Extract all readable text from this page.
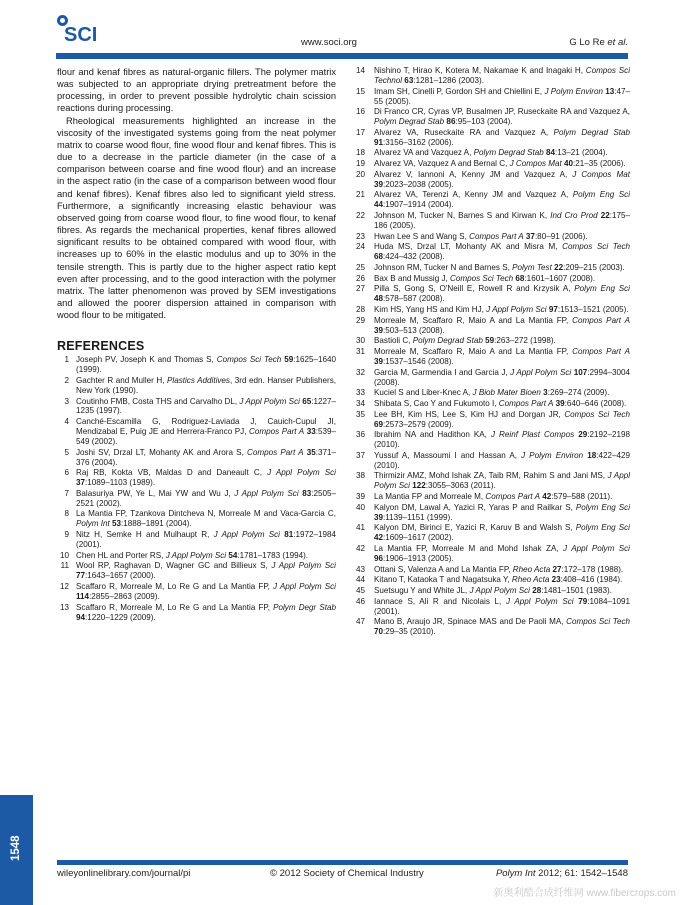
SCI	www.soci.org	G Lo Re et al.

flour and kenaf fibres as natural-organic fillers. The polymer matrix was subjected to an appropriate drying pretreatment before the processing, in order to prevent possible hydrolytic chain scission reactions during processing.

Rheological measurements highlighted an increase in the viscosity of the investigated systems going from the neat polymer matrix to coarse wood flour, fine wood flour and kenaf fibres. This is due to a decrease in the particle diameter (in the case of a comparison between coarse and fine wood flour) and an increase in the aspect ratio (in the case of a comparison between wood flour and kenaf fibres). Kenaf fibres also led to significant yield stress. Furthermore, a significantly increasing elastic behaviour was observed going from coarse wood flour, to fine wood flour, to kenaf fibres. As regards the mechanical properties, kenaf fibres allowed significant results to be obtained compared with wood flour, with increases up to 60% in the elastic modulus and up to 30% in the tensile strength. This is partly due to the higher aspect ratio kept even after processing, and to the good interaction with the polymer matrix. The latter phenomenon was proved by SEM investigations and allowed the poorer dispersion attained in comparison with wood flour to be mitigated.

REFERENCES
1 Joseph PV, Joseph K and Thomas S, Compos Sci Tech 59:1625–1640 (1999).
2 Gachter R and Muller H, Plastics Additives, 3rd edn. Hanser Publishers, New York (1990).
3 Coutinho FMB, Costa THS and Carvalho DL, J Appl Polym Sci 65:1227–1235 (1997).
4 Canché-Escamilla G, Rodriguez-Laviada J, Cauich-Cupul JI, Mendizabal E, Puig JE and Herrera-Franco PJ, Compos Part A 33:539–549 (2002).
5 Joshi SV, Drzal LT, Mohanty AK and Arora S, Compos Part A 35:371–376 (2004).
6 Raj RB, Kokta VB, Maldas D and Daneault C, J Appl Polym Sci 37:1089–1103 (1989).
7 Balasuriya PW, Ye L, Mai YW and Wu J, J Appl Polym Sci 83:2505–2521 (2002).
8 La Mantia FP, Tzankova Dintcheva N, Morreale M and Vaca-Garcia C, Polym Int 53:1888–1891 (2004).
9 Nitz H, Semke H and Mulhaupt R, J Appl Polym Sci 81:1972–1984 (2001).
10 Chen HL and Porter RS, J Appl Polym Sci 54:1781–1783 (1994).
11 Wool RP, Raghavan D, Wagner GC and Billieux S, J Appl Polym Sci 77:1643–1657 (2000).
12 Scaffaro R, Morreale M, Lo Re G and La Mantia FP, J Appl Polym Sci 114:2855–2863 (2009).
13 Scaffaro R, Morreale M, Lo Re G and La Mantia FP, Polym Degr Stab 94:1220–1229 (2009).
14 Nishino T, Hirao K, Kotera M, Nakamae K and Inagaki H, Compos Sci Technol 63:1281–1286 (2003).
15 Imam SH, Cinelli P, Gordon SH and Chiellini E, J Polym Environ 13:47–55 (2005).
16 Di Franco CR, Cyras VP, Busalmen JP, Ruseckaite RA and Vazquez A, Polym Degrad Stab 86:95–103 (2004).
17 Alvarez VA, Ruseckaite RA and Vazquez A, Polym Degrad Stab 91:3156–3162 (2006).
18 Alvarez VA and Vazquez A, Polym Degrad Stab 84:13–21 (2004).
19 Alvarez VA, Vazquez A and Bernal C, J Compos Mat 40:21–35 (2006).
20 Alvarez V, Iannoni A, Kenny JM and Vazquez A, J Compos Mat 39:2023–2038 (2005).
21 Alvarez VA, Terenzi A, Kenny JM and Vazquez A, Polym Eng Sci 44:1907–1914 (2004).
22 Johnson M, Tucker N, Barnes S and Kirwan K, Ind Cro Prod 22:175–186 (2005).
23 Hwan Lee S and Wang S, Compos Part A 37:80–91 (2006).
24 Huda MS, Drzal LT, Mohanty AK and Misra M, Compos Sci Tech 68:424–432 (2008).
25 Johnson RM, Tucker N and Barnes S, Polym Test 22:209–215 (2003).
26 Bax B and Mussig J, Compos Sci Tech 68:1601–1607 (2008).
27 Pilla S, Gong S, O'Neill E, Rowell R and Krzysik A, Polym Eng Sci 48:578–587 (2008).
28 Kim HS, Yang HS and Kim HJ, J Appl Polym Sci 97:1513–1521 (2005).
29 Morreale M, Scaffaro R, Maio A and La Mantia FP, Compos Part A 39:503–513 (2008).
30 Bastioli C, Polym Degrad Stab 59:263–272 (1998).
31 Morreale M, Scaffaro R, Maio A and La Mantia FP, Compos Part A 39:1537–1546 (2008).
32 Garcia M, Garmendia I and Garcia J, J Appl Polym Sci 107:2994–3004 (2008).
33 Kuciel S and Liber-Knec A, J Biob Mater Bioen 3:269–274 (2009).
34 Shibata S, Cao Y and Fukumoto I, Compos Part A 39:640–646 (2008).
35 Lee BH, Kim HS, Lee S, Kim HJ and Dorgan JR, Compos Sci Tech 69:2573–2579 (2009).
36 Ibrahim NA and Hadithon KA, J Reinf Plast Compos 29:2192–2198 (2010).
37 Yussuf A, Massoumi I and Hassan A, J Polym Environ 18:422–429 (2010).
38 Thirmizir AMZ, Mohd Ishak ZA, Taib RM, Rahim S and Jani MS, J Appl Polym Sci 122:3055–3063 (2011).
39 La Mantia FP and Morreale M, Compos Part A 42:579–588 (2011).
40 Kalyon DM, Lawal A, Yazici R, Yaras P and Railkar S, Polym Eng Sci 39:1139–1151 (1999).
41 Kalyon DM, Birinci E, Yazici R, Karuv B and Walsh S, Polym Eng Sci 42:1609–1617 (2002).
42 La Mantia FP, Morreale M and Mohd Ishak ZA, J Appl Polym Sci 96:1906–1913 (2005).
43 Ottani S, Valenza A and La Mantia FP, Rheo Acta 27:172–178 (1988).
44 Kitano T, Kataoka T and Nagatsuka Y, Rheo Acta 23:408–416 (1984).
45 Suetsugu Y and White JL, J Appl Polym Sci 28:1481–1501 (1983).
46 Iannace S, Ali R and Nicolais L, J Appl Polym Sci 79:1084–1091 (2001).
47 Mano B, Araujo JR, Spinace MAS and De Paoli MA, Compos Sci Tech 70:29–35 (2010).
1548
wileyonlinelibrary.com/journal/pi	© 2012 Society of Chemical Industry	Polym Int 2012; 61: 1542–1548
新奥利酷合成纤维网 www.fibercrops.com
